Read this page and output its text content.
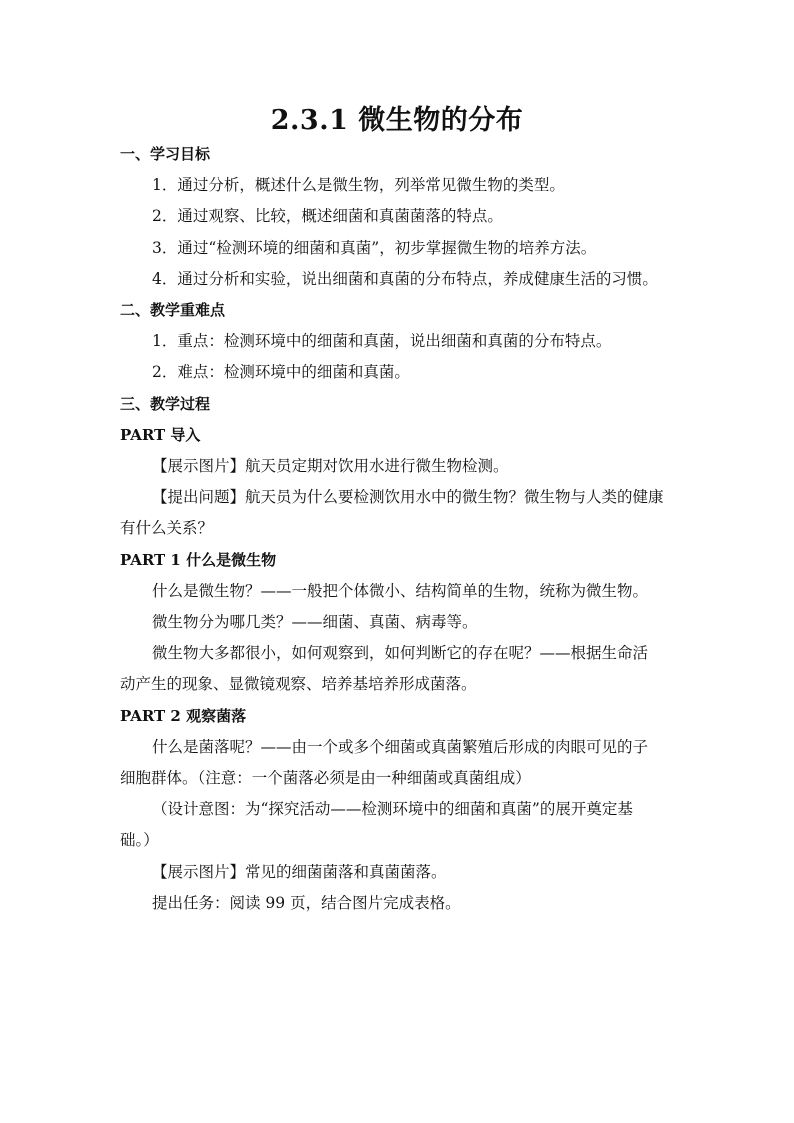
2.3.1 微生物的分布
一、学习目标
1．通过分析，概述什么是微生物，列举常见微生物的类型。
2．通过观察、比较，概述细菌和真菌菌落的特点。
3．通过“检测环境的细菌和真菌”，初步掌握微生物的培养方法。
4．通过分析和实验，说出细菌和真菌的分布特点，养成健康生活的习惯。
二、教学重难点
1．重点：检测环境中的细菌和真菌，说出细菌和真菌的分布特点。
2．难点：检测环境中的细菌和真菌。
三、教学过程
PART 导入
【展示图片】航天员定期对饮用水进行微生物检测。
【提出问题】航天员为什么要检测饮用水中的微生物？微生物与人类的健康
有什么关系？
PART 1 什么是微生物
什么是微生物？——一般把个体微小、结构简单的生物，统称为微生物。
微生物分为哪几类？——细菌、真菌、病毒等。
微生物大多都很小，如何观察到，如何判断它的存在呢？——根据生命活
动产生的现象、显微镜观察、培养基培养形成菌落。
PART 2 观察菌落
什么是菌落呢？——由一个或多个细菌或真菌繁殖后形成的肉眼可见的子
细胞群体。（注意：一个菌落必须是由一种细菌或真菌组成）
（设计意图：为“探究活动——检测环境中的细菌和真菌”的展开奠定基
础。）
【展示图片】常见的细菌菌落和真菌菌落。
提出任务：阅读 99 页，结合图片完成表格。
